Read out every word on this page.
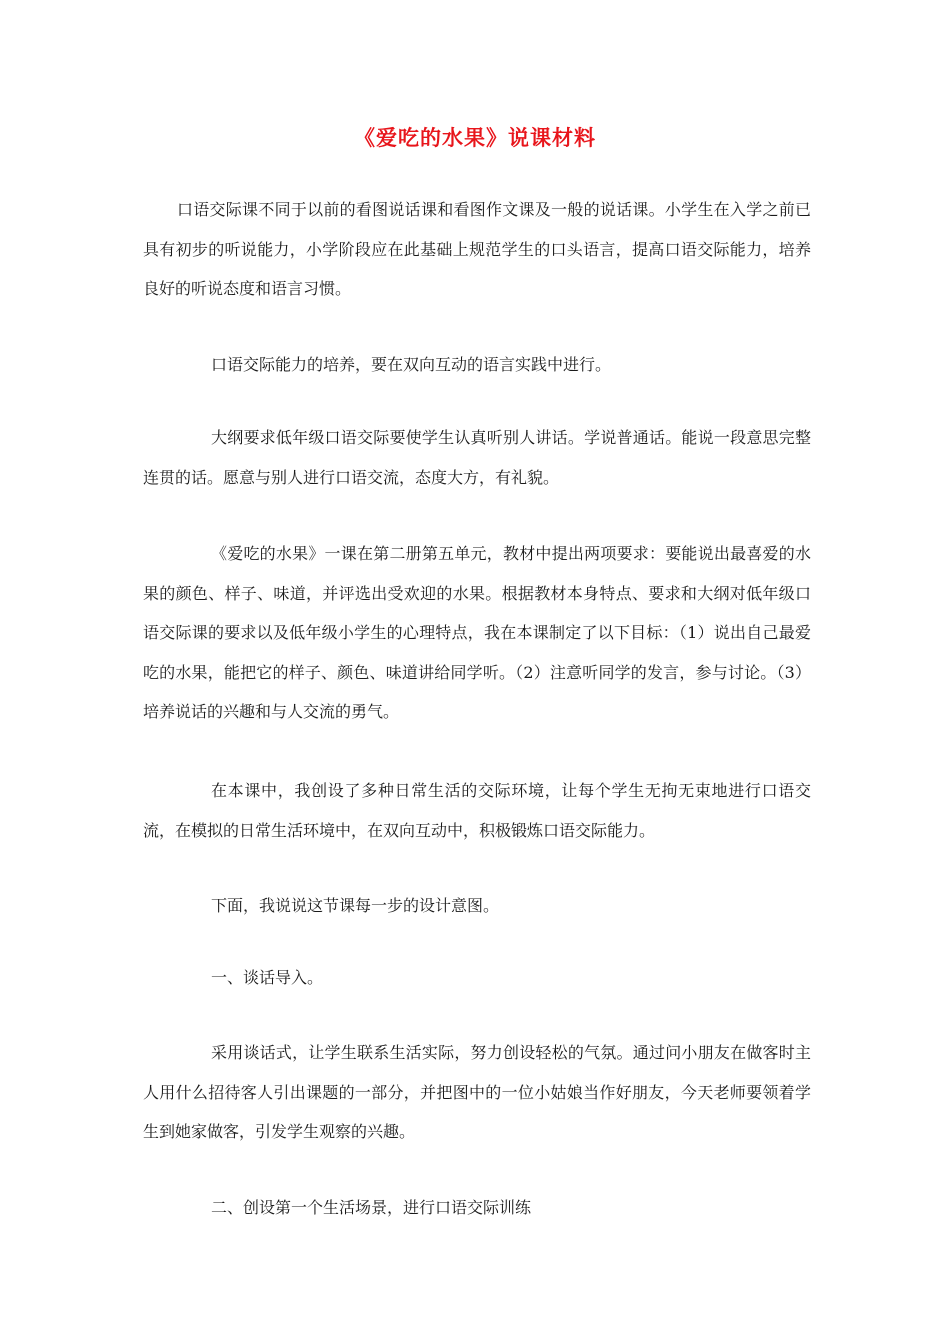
《爱吃的水果》说课材料

口语交际课不同于以前的看图说话课和看图作文课及一般的说话课。小学生在入学之前已具有初步的听说能力，小学阶段应在此基础上规范学生的口头语言，提高口语交际能力，培养良好的听说态度和语言习惯。

口语交际能力的培养，要在双向互动的语言实践中进行。

大纲要求低年级口语交际要使学生认真听别人讲话。学说普通话。能说一段意思完整连贯的话。愿意与别人进行口语交流，态度大方，有礼貌。

《爱吃的水果》一课在第二册第五单元，教材中提出两项要求：要能说出最喜爱的水果的颜色、样子、味道，并评选出受欢迎的水果。根据教材本身特点、要求和大纲对低年级口语交际课的要求以及低年级小学生的心理特点，我在本课制定了以下目标：（1）说出自己最爱吃的水果，能把它的样子、颜色、味道讲给同学听。（2）注意听同学的发言，参与讨论。（3）培养说话的兴趣和与人交流的勇气。

在本课中，我创设了多种日常生活的交际环境，让每个学生无拘无束地进行口语交流，在模拟的日常生活环境中，在双向互动中，积极锻炼口语交际能力。

下面，我说说这节课每一步的设计意图。

一、谈话导入。

采用谈话式，让学生联系生活实际，努力创设轻松的气氛。通过问小朋友在做客时主人用什么招待客人引出课题的一部分，并把图中的一位小姑娘当作好朋友，今天老师要领着学生到她家做客，引发学生观察的兴趣。

二、创设第一个生活场景，进行口语交际训练
